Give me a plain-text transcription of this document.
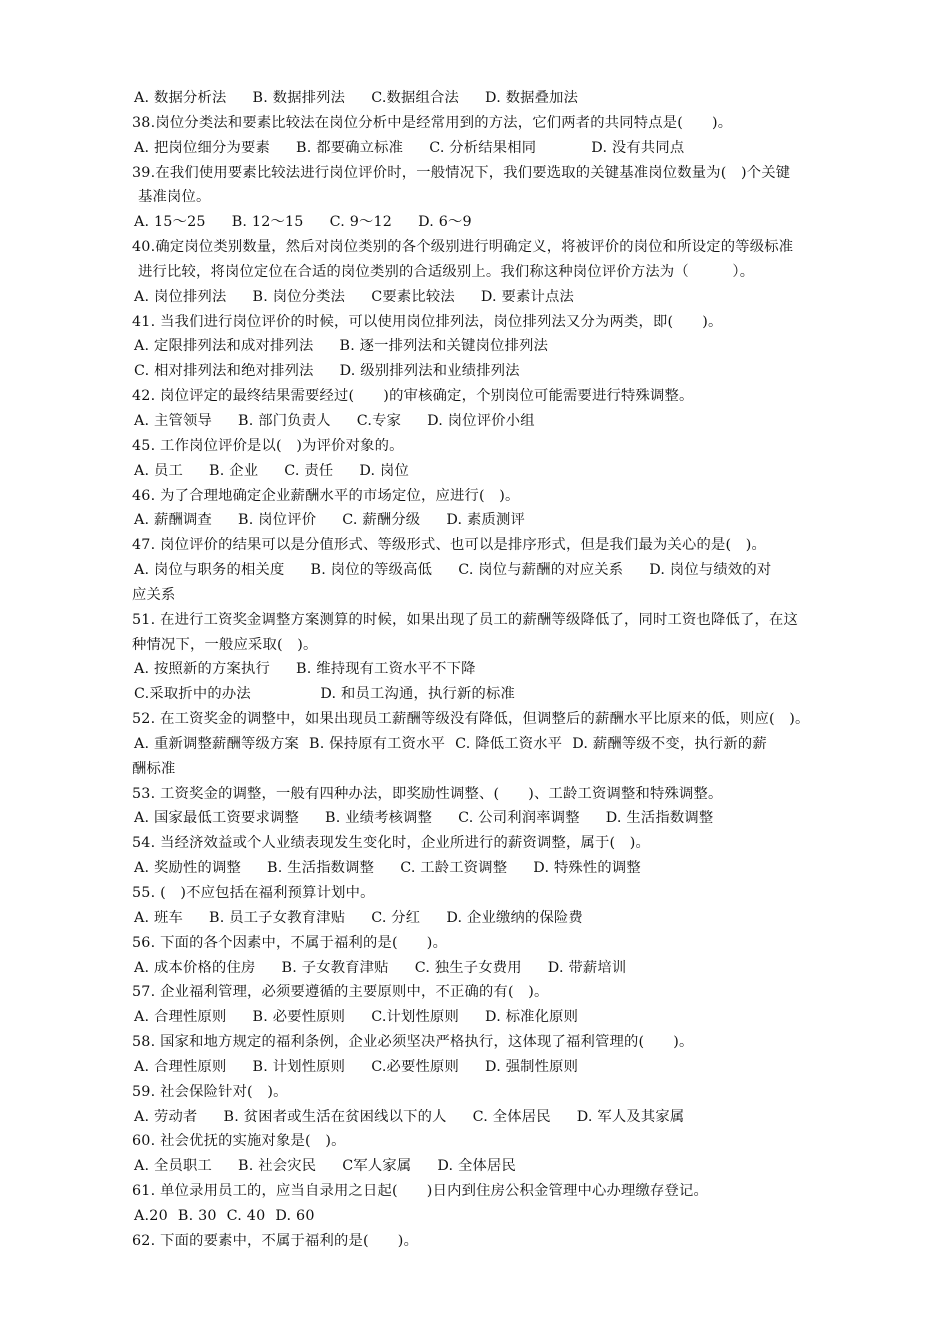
A. 数据分析法 B. 数据排列法 C.数据组合法 D. 数据叠加法
38.岗位分类法和要素比较法在岗位分析中是经常用到的方法，它们两者的共同特点是(　　)。
A. 把岗位细分为要素 B. 都要确立标准 C. 分析结果相同　　D. 没有共同点
39.在我们使用要素比较法进行岗位评价时，一般情况下，我们要选取的关键基准岗位数量为(　)个关键
基准岗位。
A. 15～25 B. 12～15 C. 9～12 D. 6～9
40.确定岗位类别数量，然后对岗位类别的各个级别进行明确定义，将被评价的岗位和所设定的等级标准
进行比较，将岗位定位在合适的岗位类别的合适级别上。我们称这种岗位评价方法为（　　　）。
A. 岗位排列法 B. 岗位分类法 C要素比较法 D. 要素计点法
41. 当我们进行岗位评价的时候，可以使用岗位排列法，岗位排列法又分为两类，即(　　)。
A. 定限排列法和成对排列法 B. 逐一排列法和关键岗位排列法
C. 相对排列法和绝对排列法 D. 级别排列法和业绩排列法
42. 岗位评定的最终结果需要经过(　　)的审核确定，个别岗位可能需要进行特殊调整。
A. 主管领导 B. 部门负责人 C.专家 D. 岗位评价小组
45. 工作岗位评价是以(　)为评价对象的。
A. 员工 B. 企业 C. 责任 D. 岗位
46. 为了合理地确定企业薪酬水平的市场定位，应进行(　)。
A. 薪酬调查 B. 岗位评价 C. 薪酬分级 D. 素质测评
47. 岗位评价的结果可以是分值形式、等级形式、也可以是排序形式，但是我们最为关心的是(　)。
A. 岗位与职务的相关度 B. 岗位的等级高低 C. 岗位与薪酬的对应关系 D. 岗位与绩效的对
应关系
51. 在进行工资奖金调整方案测算的时候，如果出现了员工的薪酬等级降低了，同时工资也降低了，在这
种情况下，一般应采取(　)。
A. 按照新的方案执行 B. 维持现有工资水平不下降
C.采取折中的办法　　　D. 和员工沟通，执行新的标准
52. 在工资奖金的调整中，如果出现员工薪酬等级没有降低，但调整后的薪酬水平比原来的低，则应(　)。
A. 重新调整薪酬等级方案 B. 保持原有工资水平 C. 降低工资水平 D. 薪酬等级不变，执行新的薪
酬标准
53. 工资奖金的调整，一般有四种办法，即奖励性调整、(　　)、工龄工资调整和特殊调整。
A. 国家最低工资要求调整 B. 业绩考核调整 C. 公司利润率调整 D. 生活指数调整
54. 当经济效益或个人业绩表现发生变化时，企业所进行的薪资调整，属于(　)。
A. 奖励性的调整 B. 生活指数调整 C. 工龄工资调整 D. 特殊性的调整
55. (　)不应包括在福利预算计划中。
A. 班车 B. 员工子女教育津贴 C. 分红 D. 企业缴纳的保险费
56. 下面的各个因素中，不属于福利的是(　　)。
A. 成本价格的住房 B. 子女教育津贴 C. 独生子女费用 D. 带薪培训
57. 企业福利管理，必须要遵循的主要原则中，不正确的有(　)。
A. 合理性原则 B. 必要性原则 C.计划性原则 D. 标准化原则
58. 国家和地方规定的福利条例，企业必须坚决严格执行，这体现了福利管理的(　　)。
A. 合理性原则 B. 计划性原则 C.必要性原则 D. 强制性原则
59. 社会保险针对(　)。
A. 劳动者 B. 贫困者或生活在贫困线以下的人 C. 全体居民 D. 军人及其家属
60. 社会优抚的实施对象是(　)。
A. 全员职工 B. 社会灾民 C军人家属 D. 全体居民
61. 单位录用员工的，应当自录用之日起(　　)日内到住房公积金管理中心办理缴存登记。
A.20 B. 30 C. 40 D. 60
62. 下面的要素中，不属于福利的是(　　)。
